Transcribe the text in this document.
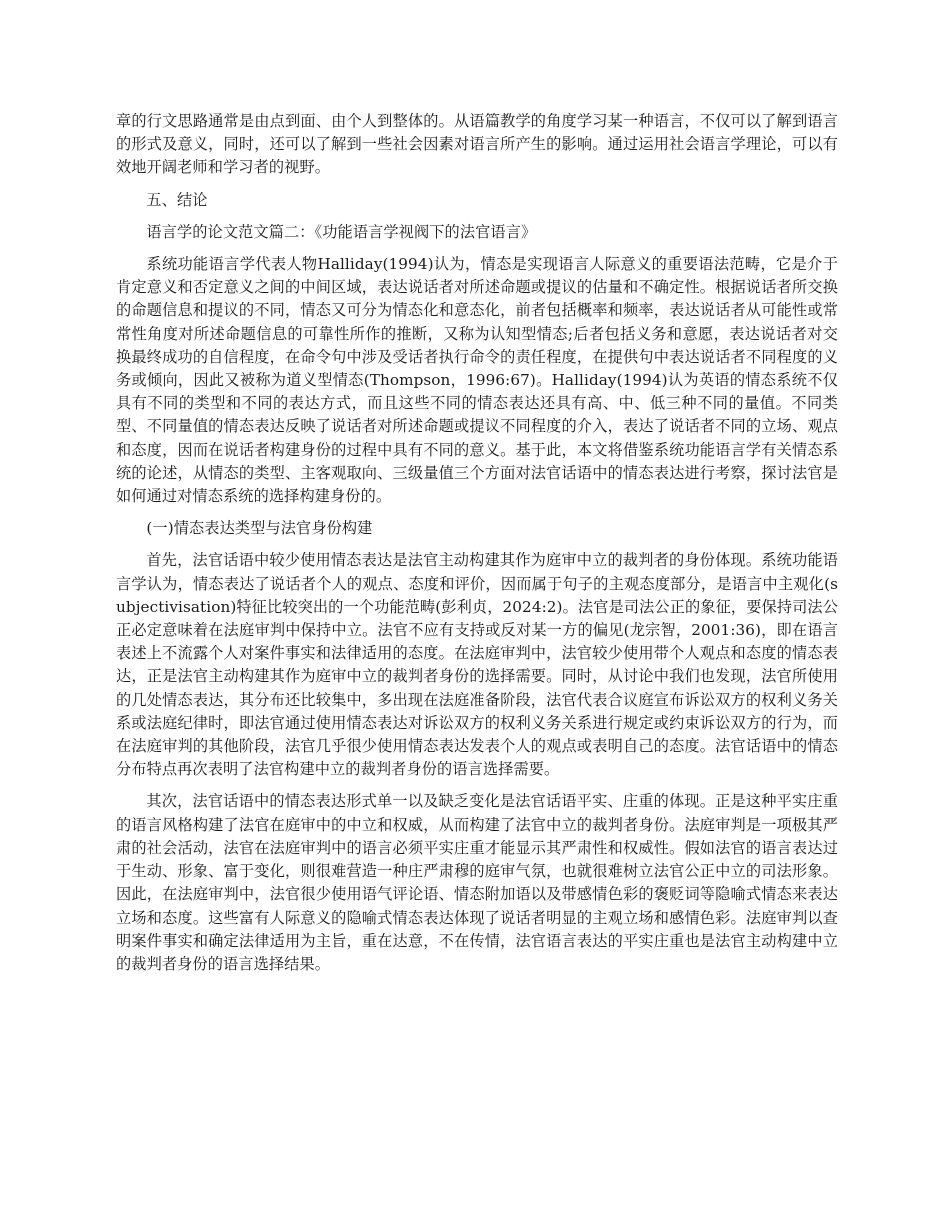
章的行文思路通常是由点到面、由个人到整体的。从语篇教学的角度学习某一种语言，不仅可以了解到语言的形式及意义，同时，还可以了解到一些社会因素对语言所产生的影响。通过运用社会语言学理论，可以有效地开阔老师和学习者的视野。

五、结论

语言学的论文范文篇二：《功能语言学视阀下的法官语言》

系统功能语言学代表人物Halliday(1994)认为，情态是实现语言人际意义的重要语法范畴，它是介于肯定意义和否定意义之间的中间区域，表达说话者对所述命题或提议的估量和不确定性。根据说话者所交换的命题信息和提议的不同，情态又可分为情态化和意态化，前者包括概率和频率，表达说话者从可能性或常常性角度对所述命题信息的可靠性所作的推断，又称为认知型情态;后者包括义务和意愿，表达说话者对交换最终成功的自信程度，在命令句中涉及受话者执行命令的责任程度，在提供句中表达说话者不同程度的义务或倾向，因此又被称为道义型情态(Thompson，1996:67)。Halliday(1994)认为英语的情态系统不仅具有不同的类型和不同的表达方式，而且这些不同的情态表达还具有高、中、低三种不同的量值。不同类型、不同量值的情态表达反映了说话者对所述命题或提议不同程度的介入，表达了说话者不同的立场、观点和态度，因而在说话者构建身份的过程中具有不同的意义。基于此，本文将借鉴系统功能语言学有关情态系统的论述，从情态的类型、主客观取向、三级量值三个方面对法官话语中的情态表达进行考察，探讨法官是如何通过对情态系统的选择构建身份的。

(一)情态表达类型与法官身份构建

首先，法官话语中较少使用情态表达是法官主动构建其作为庭审中立的裁判者的身份体现。系统功能语言学认为，情态表达了说话者个人的观点、态度和评价，因而属于句子的主观态度部分，是语言中主观化(subjectivisation)特征比较突出的一个功能范畴(彭利贞，2024:2)。法官是司法公正的象征，要保持司法公正必定意味着在法庭审判中保持中立。法官不应有支持或反对某一方的偏见(龙宗智，2001:36)，即在语言表述上不流露个人对案件事实和法律适用的态度。在法庭审判中，法官较少使用带个人观点和态度的情态表达，正是法官主动构建其作为庭审中立的裁判者身份的选择需要。同时，从讨论中我们也发现，法官所使用的几处情态表达，其分布还比较集中，多出现在法庭准备阶段，法官代表合议庭宣布诉讼双方的权利义务关系或法庭纪律时，即法官通过使用情态表达对诉讼双方的权利义务关系进行规定或约束诉讼双方的行为，而在法庭审判的其他阶段，法官几乎很少使用情态表达发表个人的观点或表明自己的态度。法官话语中的情态分布特点再次表明了法官构建中立的裁判者身份的语言选择需要。

其次，法官话语中的情态表达形式单一以及缺乏变化是法官话语平实、庄重的体现。正是这种平实庄重的语言风格构建了法官在庭审中的中立和权威，从而构建了法官中立的裁判者身份。法庭审判是一项极其严肃的社会活动，法官在法庭审判中的语言必须平实庄重才能显示其严肃性和权威性。假如法官的语言表达过于生动、形象、富于变化，则很难营造一种庄严肃穆的庭审气氛，也就很难树立法官公正中立的司法形象。因此，在法庭审判中，法官很少使用语气评论语、情态附加语以及带感情色彩的褒贬词等隐喻式情态来表达立场和态度。这些富有人际意义的隐喻式情态表达体现了说话者明显的主观立场和感情色彩。法庭审判以查明案件事实和确定法律适用为主旨，重在达意，不在传情，法官语言表达的平实庄重也是法官主动构建中立的裁判者身份的语言选择结果。
